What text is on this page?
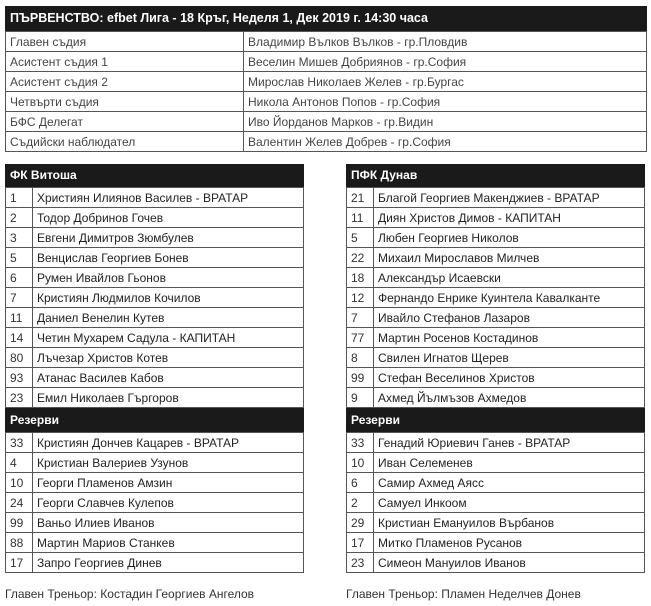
ПЪРВЕНСТВО: efbet Лига - 18 Кръг, Неделя 1, Дек 2019 г. 14:30 часа
Главен съдия	Владимир Вълков Вълков - гр.Пловдив
Асистент съдия 1	Веселин Мишев Добриянов - гр.София
Асистент съдия 2	Мирослав Николаев Желев - гр.Бургас
Четвърти съдия	Никола Антонов Попов - гр.София
БФС Делегат	Иво Йорданов Марков - гр.Видин
Съдийски наблюдател	Валентин Желев Добрев - гр.София
ФК Витоша
1	Християн Илиянов Василев - ВРАТАР
2	Тодор Добринов Гочев
3	Евгени Димитров Зюмбулев
5	Венцислав Георгиев Бонев
6	Румен Ивайлов Гьонов
7	Кристиян Людмилов Кочилов
11	Даниел Венелин Кутев
14	Четин Мухарем Садула - КАПИТАН
80	Лъчезар Христов Котев
93	Атанас Василев Кабов
23	Емил Николаев Гъргоров
Резерви
33	Кристиян Дончев Кацарев - ВРАТАР
4	Кристиан Валериев Узунов
10	Георги Пламенов Амзин
24	Георги Славчев Кулепов
99	Ваньо Илиев Иванов
88	Мартин Мариов Станкев
17	Запро Георгиев Динев
ПФК Дунав
21	Благой Георгиев Макенджиев - ВРАТАР
11	Диян Христов Димов - КАПИТАН
5	Любен Георгиев Николов
22	Михаил Мирославов Милчев
18	Александър Исаевски
12	Фернандо Енрике Куинтела Кавалканте
7	Ивайло Стефанов Лазаров
77	Мартин Росенов Костадинов
8	Свилен Игнатов Щерев
99	Стефан Веселинов Христов
9	Ахмед Йълмъзов Ахмедов
Резерви
33	Генадий Юриевич Ганев - ВРАТАР
10	Иван Селеменев
6	Самир Ахмед Аясс
2	Самуел Инкоом
29	Кристиан Емануилов Върбанов
17	Митко Пламенов Русанов
23	Симеон Мануилов Иванов
Главен Треньор: Костадин Георгиев Ангелов	Главен Треньор: Пламен Неделчев Донев
